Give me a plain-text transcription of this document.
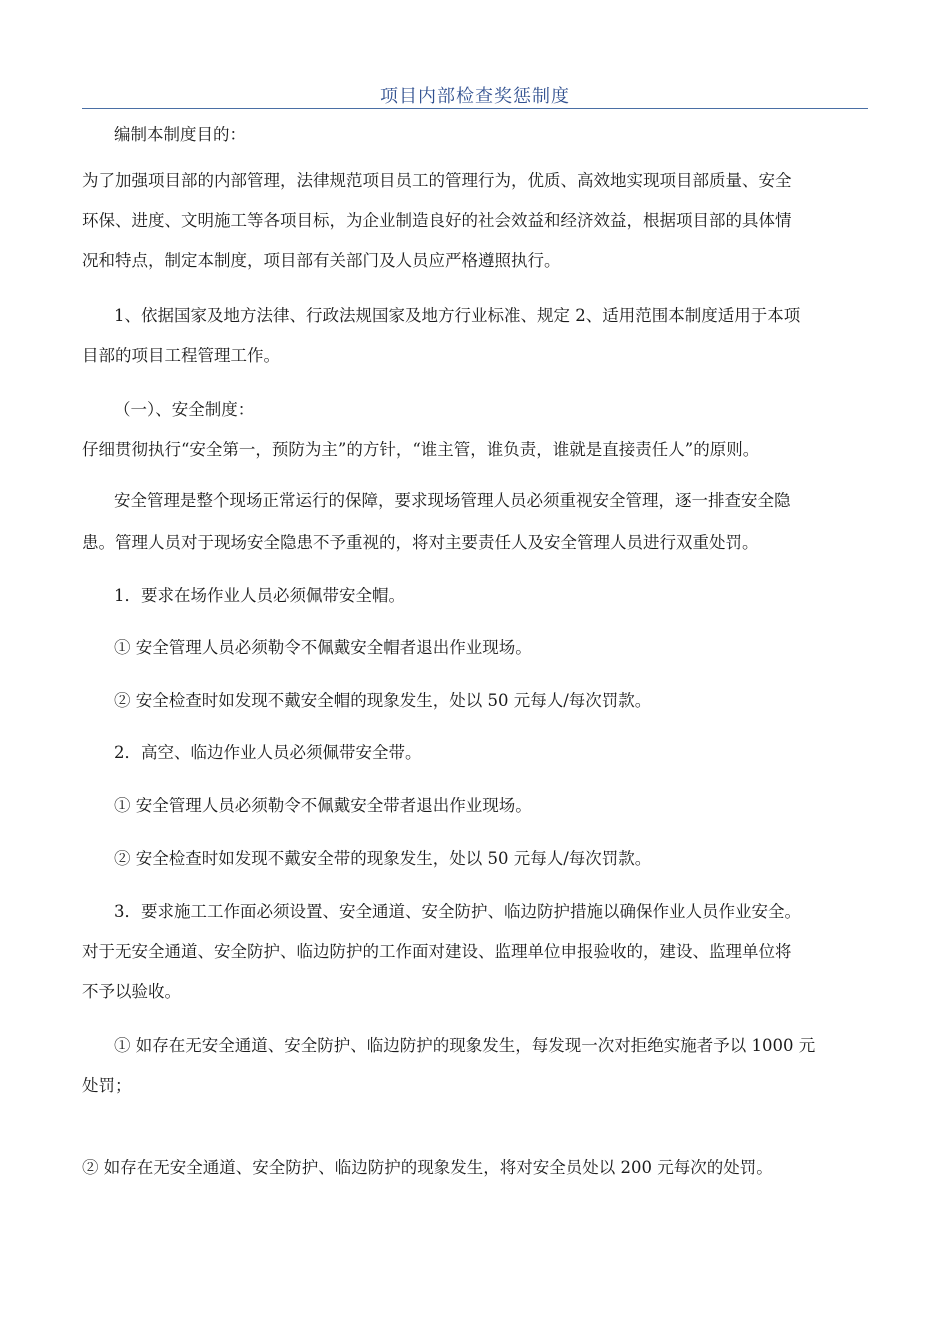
项目内部检查奖惩制度
编制本制度目的：
为了加强项目部的内部管理，法律规范项目员工的管理行为，优质、高效地实现项目部质量、安全
环保、进度、文明施工等各项目标，为企业制造良好的社会效益和经济效益，根据项目部的具体情
况和特点，制定本制度，项目部有关部门及人员应严格遵照执行。
1、依据国家及地方法律、行政法规国家及地方行业标准、规定 2、适用范围本制度适用于本项
目部的项目工程管理工作。
（一）、安全制度：
仔细贯彻执行“安全第一，预防为主”的方针，“谁主管，谁负责，谁就是直接责任人”的原则。
安全管理是整个现场正常运行的保障，要求现场管理人员必须重视安全管理，逐一排查安全隐
患。管理人员对于现场安全隐患不予重视的，将对主要责任人及安全管理人员进行双重处罚。
1．要求在场作业人员必须佩带安全帽。
① 安全管理人员必须勒令不佩戴安全帽者退出作业现场。
② 安全检查时如发现不戴安全帽的现象发生，处以 50 元每人/每次罚款。
2．高空、临边作业人员必须佩带安全带。
① 安全管理人员必须勒令不佩戴安全带者退出作业现场。
② 安全检查时如发现不戴安全带的现象发生，处以 50 元每人/每次罚款。
3．要求施工工作面必须设置、安全通道、安全防护、临边防护措施以确保作业人员作业安全。
对于无安全通道、安全防护、临边防护的工作面对建设、监理单位申报验收的，建设、监理单位将
不予以验收。
① 如存在无安全通道、安全防护、临边防护的现象发生，每发现一次对拒绝实施者予以 1000 元
处罚；
② 如存在无安全通道、安全防护、临边防护的现象发生，将对安全员处以 200 元每次的处罚。
